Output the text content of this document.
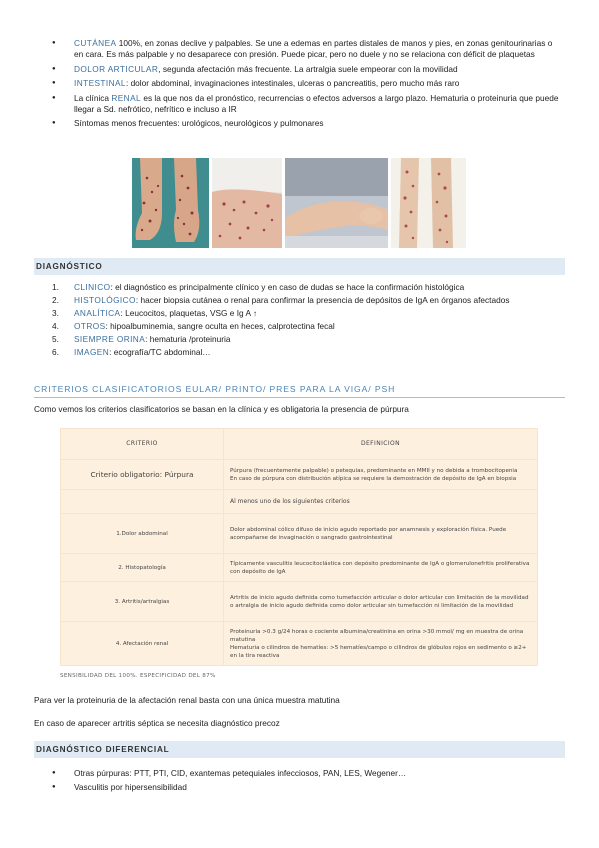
● CUTÁNEA 100%, en zonas declive y palpables. Se une a edemas en partes distales de manos y pies, en zonas genitourinarias o en cara. Es más palpable y no desaparece con presión. Puede picar, pero no duele y no se relaciona con déficit de plaquetas
● DOLOR ARTICULAR, segunda afectación más frecuente. La artralgia suele empeorar con la movilidad
● INTESTINAL: dolor abdominal, invaginaciones intestinales, ulceras o pancreatitis, pero mucho más raro
● La clínica RENAL es la que nos da el pronóstico, recurrencias o efectos adversos a largo plazo. Hematuria o proteinuria que puede llegar a Sd. nefrótico, nefrítico e incluso a IR
● Síntomas menos frecuentes: urológicos, neurológicos y pulmonares
DIAGNÓSTICO
1. CLINICO: el diagnóstico es principalmente clínico y en caso de dudas se hace la confirmación histológica
2. HISTOLÓGICO: hacer biopsia cutánea o renal para confirmar la presencia de depósitos de IgA en órganos afectados
3. ANALÍTICA: Leucocitos, plaquetas, VSG e Ig A ↑
4. OTROS: hipoalbuminemia, sangre oculta en heces, calprotectina fecal
5. SIEMPRE ORINA: hematuria /proteinuria
6. IMAGEN: ecografía/TC abdominal…
CRITERIOS CLASIFICATORIOS EULAR/ PRINTO/ PRES PARA LA VIGA/ PSH
Como vemos los criterios clasificatorios se basan en la clínica y es obligatoria la presencia de púrpura
CRITERIO	DEFINICION
Criterio obligatorio: Púrpura	Púrpura (frecuentemente palpable) o petequias, predominante en MMII y no debida a trombocitopenia
En caso de púrpura con distribución atípica se requiere la demostración de depósito de IgA en biopsia

	Al menos uno de los siguientes criterios
1.Dolor abdominal	Dolor abdominal cólico difuso de inicio agudo reportado por anamnesis y exploración física. Puede acompañarse de invaginación o sangrado gastrointestinal
2. Histopatología	Típicamente vasculitis leucocitoclástica con depósito predominante de IgA o glomerulonefritis proliferativa con depósito de IgA
3. Artritis/artralgias	Artritis de inicio agudo definida como tumefacción articular o dolor articular con limitación de la movilidad o artralgia de inicio agudo definida como dolor articular sin tumefacción ni limitación de la movilidad
4. Afectación renal	Proteinuria >0.3 g/24 horas o cociente albumina/creatinina en orina >30 mmol/ mg en muestra de orina matutina
Hematuria o cilindros de hematíes: >5 hematíes/campo o cilindros de glóbulos rojos en sedimento o ≥2+ en la tira reactiva
SENSIBILIDAD DEL 100%. ESPECIFICIDAD DEL 87%
Para ver la proteinuria de la afectación renal basta con una única muestra matutina
En caso de aparecer artritis séptica se necesita diagnóstico precoz
DIAGNÓSTICO DIFERENCIAL
● Otras púrpuras: PTT, PTI, CID, exantemas petequiales infecciosos, PAN, LES, Wegener…
● Vasculitis por hipersensibilidad
